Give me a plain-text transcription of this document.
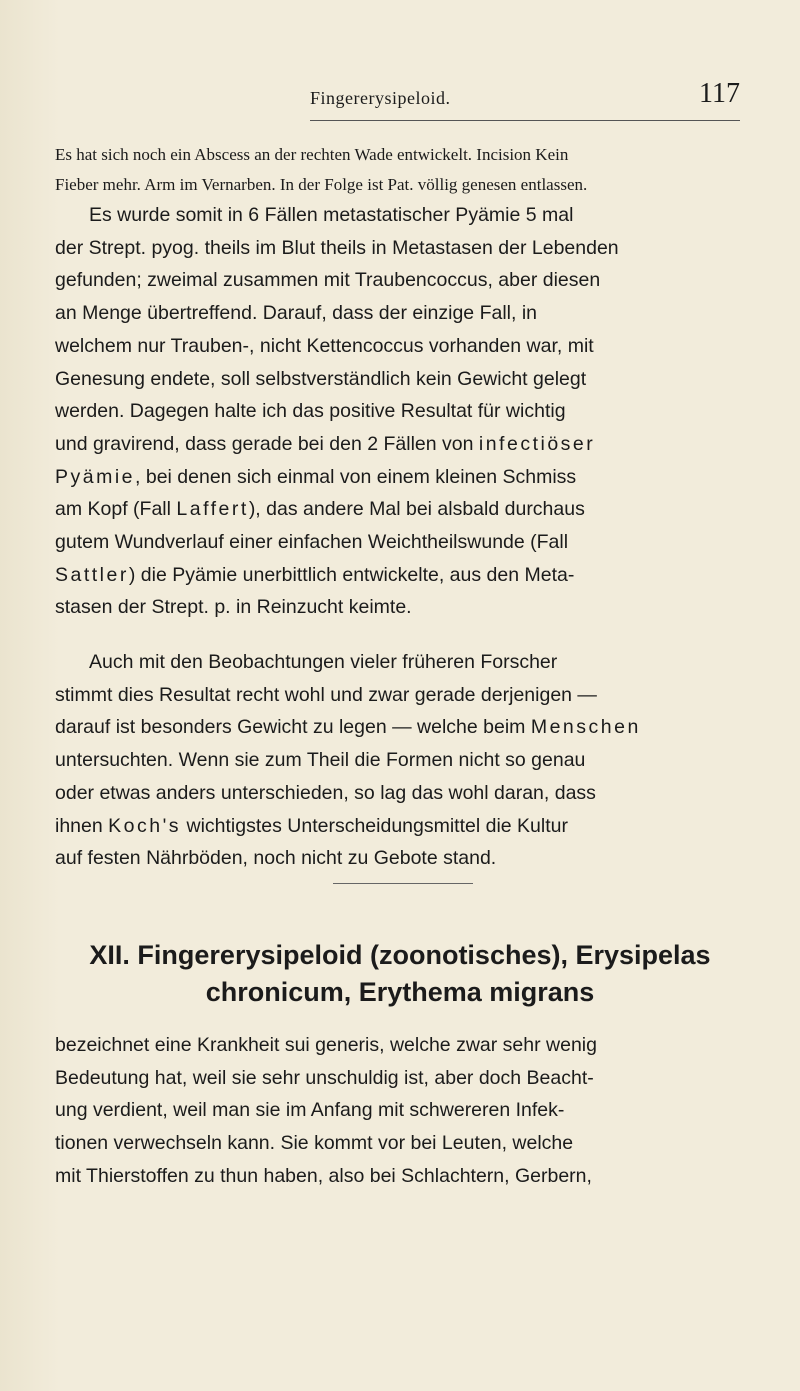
Fingererysipeloid.	117
Es hat sich noch ein Abscess an der rechten Wade entwickelt. Incision Kein
Fieber mehr. Arm im Vernarben. In der Folge ist Pat. völlig genesen entlassen.
Es wurde somit in 6 Fällen metastatischer Pyämie 5 mal
der Strept. pyog. theils im Blut theils in Metastasen der Lebenden
gefunden; zweimal zusammen mit Traubencoccus, aber diesen
an Menge übertreffend. Darauf, dass der einzige Fall, in
welchem nur Trauben-, nicht Kettencoccus vorhanden war, mit
Genesung endete, soll selbstverständlich kein Gewicht gelegt
werden. Dagegen halte ich das positive Resultat für wichtig
und gravirend, dass gerade bei den 2 Fällen von infectiöser
Pyämie, bei denen sich einmal von einem kleinen Schmiss
am Kopf (Fall Laffert), das andere Mal bei alsbald durchaus
gutem Wundverlauf einer einfachen Weichtheilswunde (Fall
Sattler) die Pyämie unerbittlich entwickelte, aus den Meta-
stasen der Strept. p. in Reinzucht keimte.
Auch mit den Beobachtungen vieler früheren Forscher
stimmt dies Resultat recht wohl und zwar gerade derjenigen —
darauf ist besonders Gewicht zu legen — welche beim Menschen
untersuchten. Wenn sie zum Theil die Formen nicht so genau
oder etwas anders unterschieden, so lag das wohl daran, dass
ihnen Koch's wichtigstes Unterscheidungsmittel die Kultur
auf festen Nährböden, noch nicht zu Gebote stand.
XII. Fingererysipeloid (zoonotisches), Erysipelas
chronicum, Erythema migrans
bezeichnet eine Krankheit sui generis, welche zwar sehr wenig
Bedeutung hat, weil sie sehr unschuldig ist, aber doch Beacht-
ung verdient, weil man sie im Anfang mit schwereren Infek-
tionen verwechseln kann. Sie kommt vor bei Leuten, welche
mit Thierstoffen zu thun haben, also bei Schlachtern, Gerbern,
